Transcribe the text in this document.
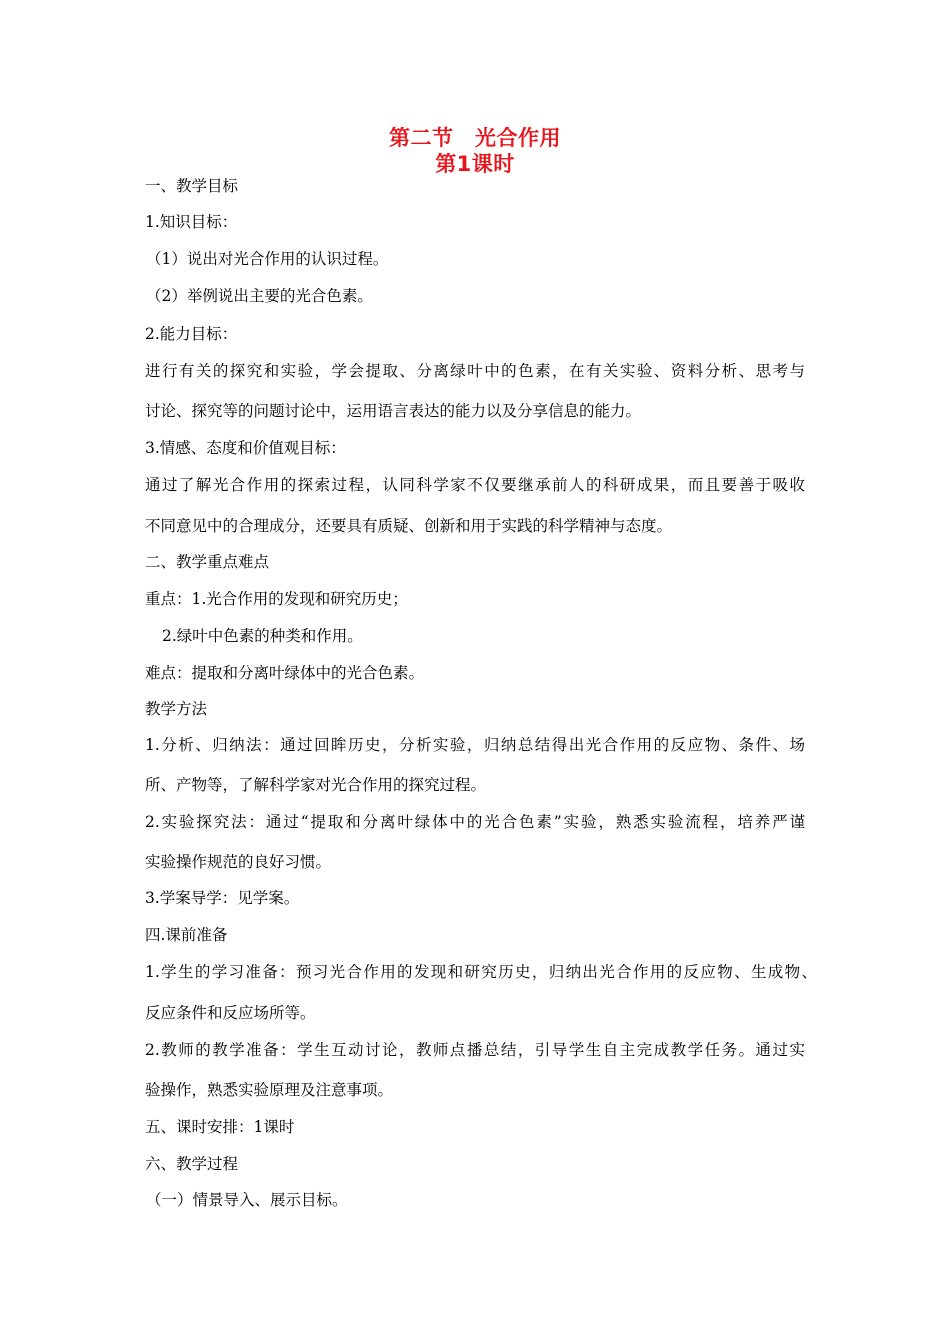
第二节　光合作用
第1课时
一、教学目标
1.知识目标：
（1）说出对光合作用的认识过程。
（2）举例说出主要的光合色素。
2.能力目标：
进行有关的探究和实验，学会提取、分离绿叶中的色素，在有关实验、资料分析、思考与
讨论、探究等的问题讨论中，运用语言表达的能力以及分享信息的能力。
3.情感、态度和价值观目标：
通过了解光合作用的探索过程，认同科学家不仅要继承前人的科研成果，而且要善于吸收
不同意见中的合理成分，还要具有质疑、创新和用于实践的科学精神与态度。
二、教学重点难点
重点：1.光合作用的发现和研究历史；
2.绿叶中色素的种类和作用。
难点：提取和分离叶绿体中的光合色素。
教学方法
1.分析、归纳法：通过回眸历史，分析实验，归纳总结得出光合作用的反应物、条件、场
所、产物等，了解科学家对光合作用的探究过程。
2.实验探究法：通过“提取和分离叶绿体中的光合色素”实验，熟悉实验流程，培养严谨
实验操作规范的良好习惯。
3.学案导学：见学案。
四.课前准备
1.学生的学习准备：预习光合作用的发现和研究历史，归纳出光合作用的反应物、生成物、
反应条件和反应场所等。
2.教师的教学准备：学生互动讨论，教师点播总结，引导学生自主完成教学任务。通过实
验操作，熟悉实验原理及注意事项。
五、课时安排：1课时
六、教学过程
（一）情景导入、展示目标。
